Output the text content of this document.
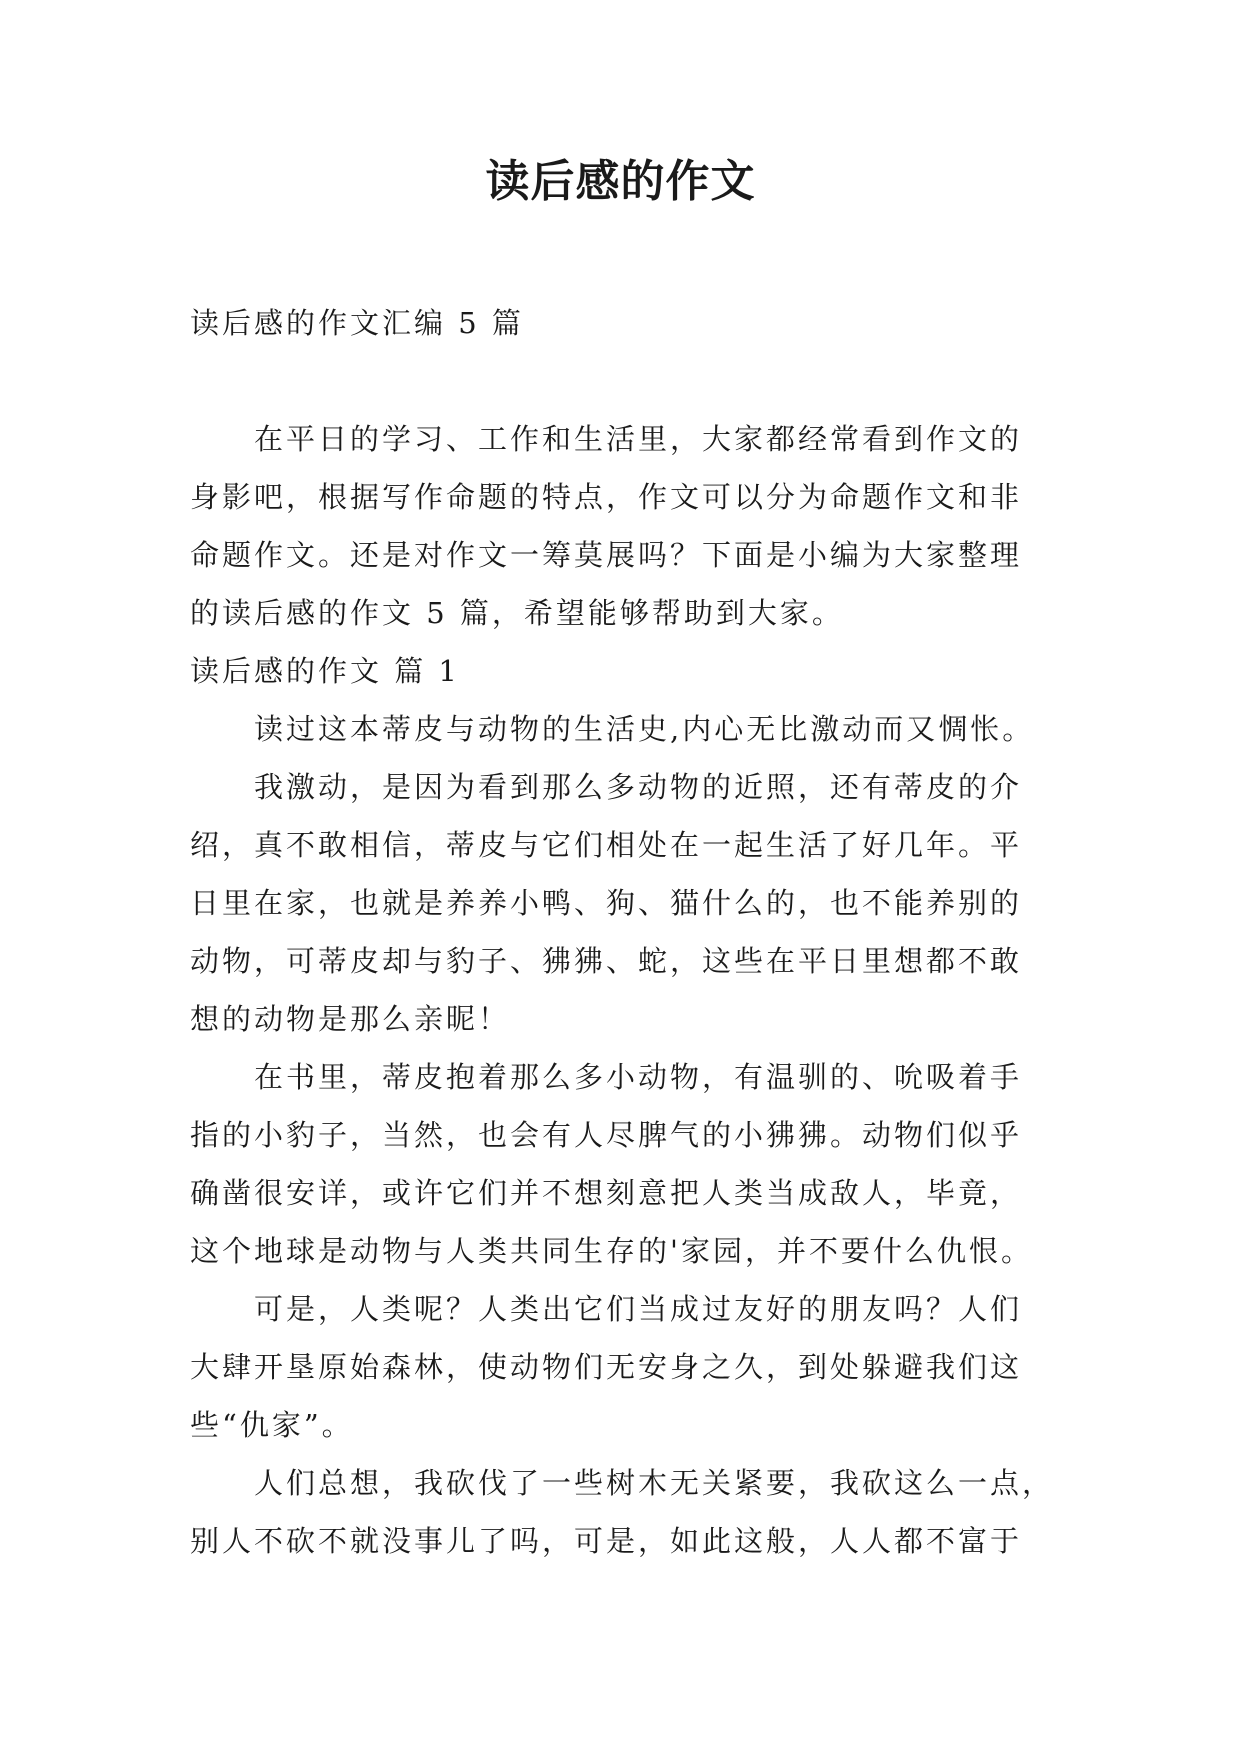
读后感的作文

读后感的作文汇编 5 篇

在平日的学习、工作和生活里，大家都经常看到作文的

身影吧，根据写作命题的特点，作文可以分为命题作文和非

命题作文。还是对作文一筹莫展吗？下面是小编为大家整理

的读后感的作文 5 篇，希望能够帮助到大家。

读后感的作文 篇 1

读过这本蒂皮与动物的生活史,内心无比激动而又惆怅。

我激动，是因为看到那么多动物的近照，还有蒂皮的介

绍，真不敢相信，蒂皮与它们相处在一起生活了好几年。平

日里在家，也就是养养小鸭、狗、猫什么的，也不能养别的

动物，可蒂皮却与豹子、狒狒、蛇，这些在平日里想都不敢

想的动物是那么亲昵！

在书里，蒂皮抱着那么多小动物，有温驯的、吮吸着手

指的小豹子，当然，也会有人尽脾气的小狒狒。动物们似乎

确凿很安详，或许它们并不想刻意把人类当成敌人，毕竟，

这个地球是动物与人类共同生存的'家园，并不要什么仇恨。

可是，人类呢？人类出它们当成过友好的朋友吗？人们

大肆开垦原始森林，使动物们无安身之久，到处躲避我们这

些“仇家”。

人们总想，我砍伐了一些树木无关紧要，我砍这么一点，

别人不砍不就没事儿了吗，可是，如此这般，人人都不富于
